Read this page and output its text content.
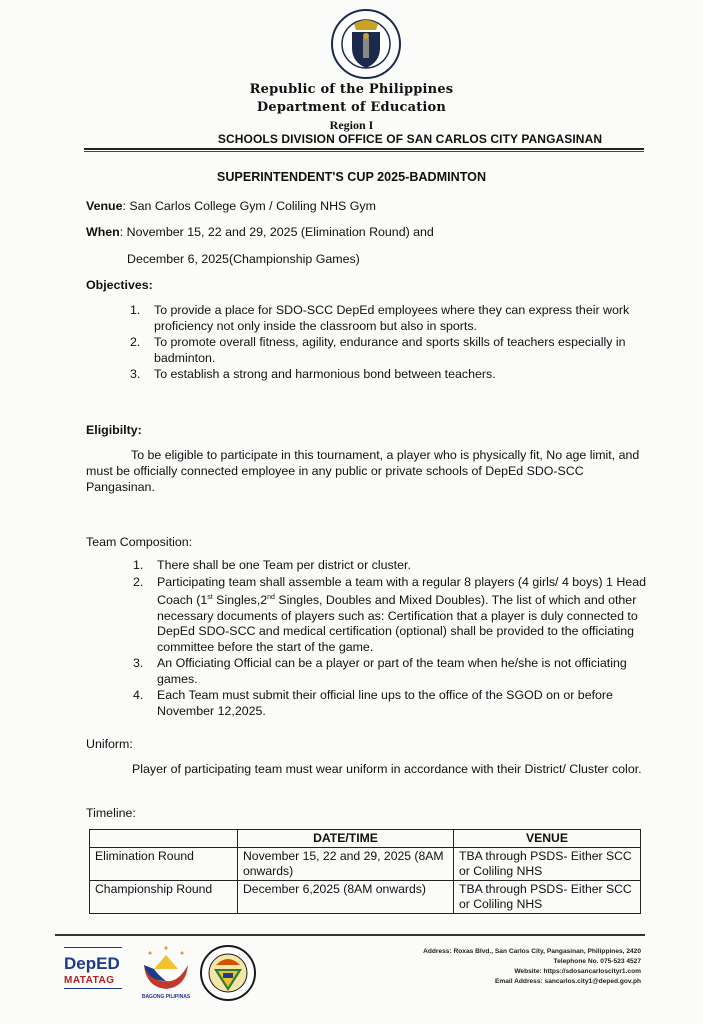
Republic of the Philippines
Department of Education
Region I
SCHOOLS DIVISION OFFICE OF SAN CARLOS CITY PANGASINAN
SUPERINTENDENT'S CUP 2025-BADMINTON
Venue: San Carlos College Gym / Coliling NHS Gym
When: November 15, 22 and 29, 2025 (Elimination Round) and
December 6, 2025(Championship Games)
Objectives:
1. To provide a place for SDO-SCC DepEd employees where they can express their work proficiency not only inside the classroom but also in sports.
2. To promote overall fitness, agility, endurance and sports skills of teachers especially in badminton.
3. To establish a strong and harmonious bond between teachers.
Eligibilty:
To be eligible to participate in this tournament, a player who is physically fit, No age limit, and must be officially connected employee in any public or private schools of DepEd SDO-SCC Pangasinan.
Team Composition:
1. There shall be one Team per district or cluster.
2. Participating team shall assemble a team with a regular 8 players (4 girls/ 4 boys) 1 Head Coach (1st Singles,2nd Singles, Doubles and Mixed Doubles). The list of which and other necessary documents of players such as: Certification that a player is duly connected to DepEd SDO-SCC and medical certification (optional) shall be provided to the officiating committee before the start of the game.
3. An Officiating Official can be a player or part of the team when he/she is not officiating games.
4. Each Team must submit their official line ups to the office of the SGOD on or before November 12,2025.
Uniform:
Player of participating team must wear uniform in accordance with their District/ Cluster color.
Timeline:
	DATE/TIME	VENUE
Elimination Round	November 15, 22 and 29, 2025 (8AM onwards)	TBA through PSDS- Either SCC or Coliling NHS
Championship Round	December 6,2025 (8AM onwards)	TBA through PSDS- Either SCC or Coliling NHS
DepED
MATATAG
BAGONG PILIPINAS
Address: Roxas Blvd., San Carlos City, Pangasinan, Philippines, 2420
Telephone No. 075-523 4527
Website: https://sdosancarloscityr1.com
Email Address: sancarlos.city1@deped.gov.ph
